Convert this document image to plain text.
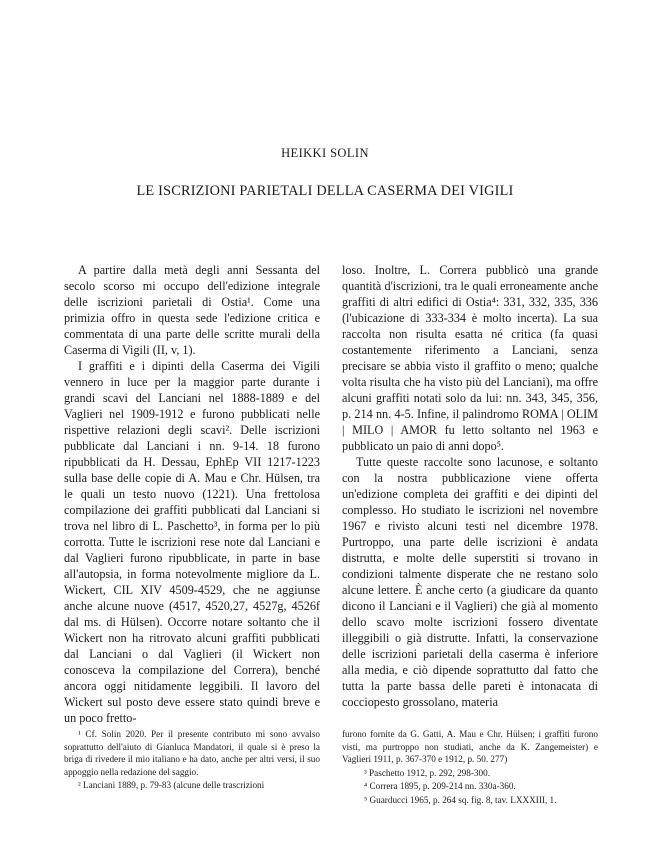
HEIKKI SOLIN
LE ISCRIZIONI PARIETALI DELLA CASERMA DEI VIGILI

A partire dalla metà degli anni Sessanta del secolo scorso mi occupo dell'edizione integrale delle iscrizioni parietali di Ostia¹. Come una primizia offro in questa sede l'edizione critica e commentata di una parte delle scritte murali della Caserma di Vigili (II, v, 1).

I graffiti e i dipinti della Caserma dei Vigili vennero in luce per la maggior parte durante i grandi scavi del Lanciani nel 1888-1889 e del Vaglieri nel 1909-1912 e furono pubblicati nelle rispettive relazioni degli scavi². Delle iscrizioni pubblicate dal Lanciani i nn. 9-14. 18 furono ripubblicati da H. Dessau, EphEp VII 1217-1223 sulla base delle copie di A. Mau e Chr. Hülsen, tra le quali un testo nuovo (1221). Una frettolosa compilazione dei graffiti pubblicati dal Lanciani si trova nel libro di L. Paschetto³, in forma per lo più corrotta. Tutte le iscrizioni rese note dal Lanciani e dal Vaglieri furono ripubblicate, in parte in base all'autopsia, in forma notevolmente migliore da L. Wickert, CIL XIV 4509-4529, che ne aggiunse anche alcune nuove (4517, 4520,27, 4527g, 4526f dal ms. di Hülsen). Occorre notare soltanto che il Wickert non ha ritrovato alcuni graffiti pubblicati dal Lanciani o dal Vaglieri (il Wickert non conosceva la compilazione del Correra), benché ancora oggi nitidamente leggibili. Il lavoro del Wickert sul posto deve essere stato quindi breve e un poco fretto-

loso. Inoltre, L. Correra pubblicò una grande quantità d'iscrizioni, tra le quali erroneamente anche graffiti di altri edifici di Ostia⁴: 331, 332, 335, 336 (l'ubicazione di 333-334 è molto incerta). La sua raccolta non risulta esatta né critica (fa quasi costantemente riferimento a Lanciani, senza precisare se abbia visto il graffito o meno; qualche volta risulta che ha visto più del Lanciani), ma offre alcuni graffiti notati solo da lui: nn. 343, 345, 356, p. 214 nn. 4-5. Infine, il palindromo ROMA | OLIM | MILO | AMOR fu letto soltanto nel 1963 e pubblicato un paio di anni dopo⁵.

Tutte queste raccolte sono lacunose, e soltanto con la nostra pubblicazione viene offerta un'edizione completa dei graffiti e dei dipinti del complesso. Ho studiato le iscrizioni nel novembre 1967 e rivisto alcuni testi nel dicembre 1978. Purtroppo, una parte delle iscrizioni è andata distrutta, e molte delle superstiti si trovano in condizioni talmente disperate che ne restano solo alcune lettere. È anche certo (a giudicare da quanto dicono il Lanciani e il Vaglieri) che già al momento dello scavo molte iscrizioni fossero diventate illeggibili o già distrutte. Infatti, la conservazione delle iscrizioni parietali della caserma è inferiore alla media, e ciò dipende soprattutto dal fatto che tutta la parte bassa delle pareti è intonacata di cocciopesto grossolano, materia

¹ Cf. Solin 2020. Per il presente contributo mi sono avvalso soprattutto dell'aiuto di Gianluca Mandatori, il quale si è preso la briga di rivedere il mio italiano e ha dato, anche per altri versi, il suo appoggio nella redazione del saggio.

² Lanciani 1889, p. 79-83 (alcune delle trascrizioni

furono fornite da G. Gatti, A. Mau e Chr. Hülsen; i graffiti furono visti, ma purtroppo non studiati, anche da K. Zangemeister) e Vaglieri 1911, p. 367-370 e 1912, p. 50. 277)

³ Paschetto 1912, p. 292, 298-300.

⁴ Correra 1895, p. 209-214 nn. 330a-360.

⁵ Guarducci 1965, p. 264 sq. fig. 8, tav. LXXXIII, 1.
